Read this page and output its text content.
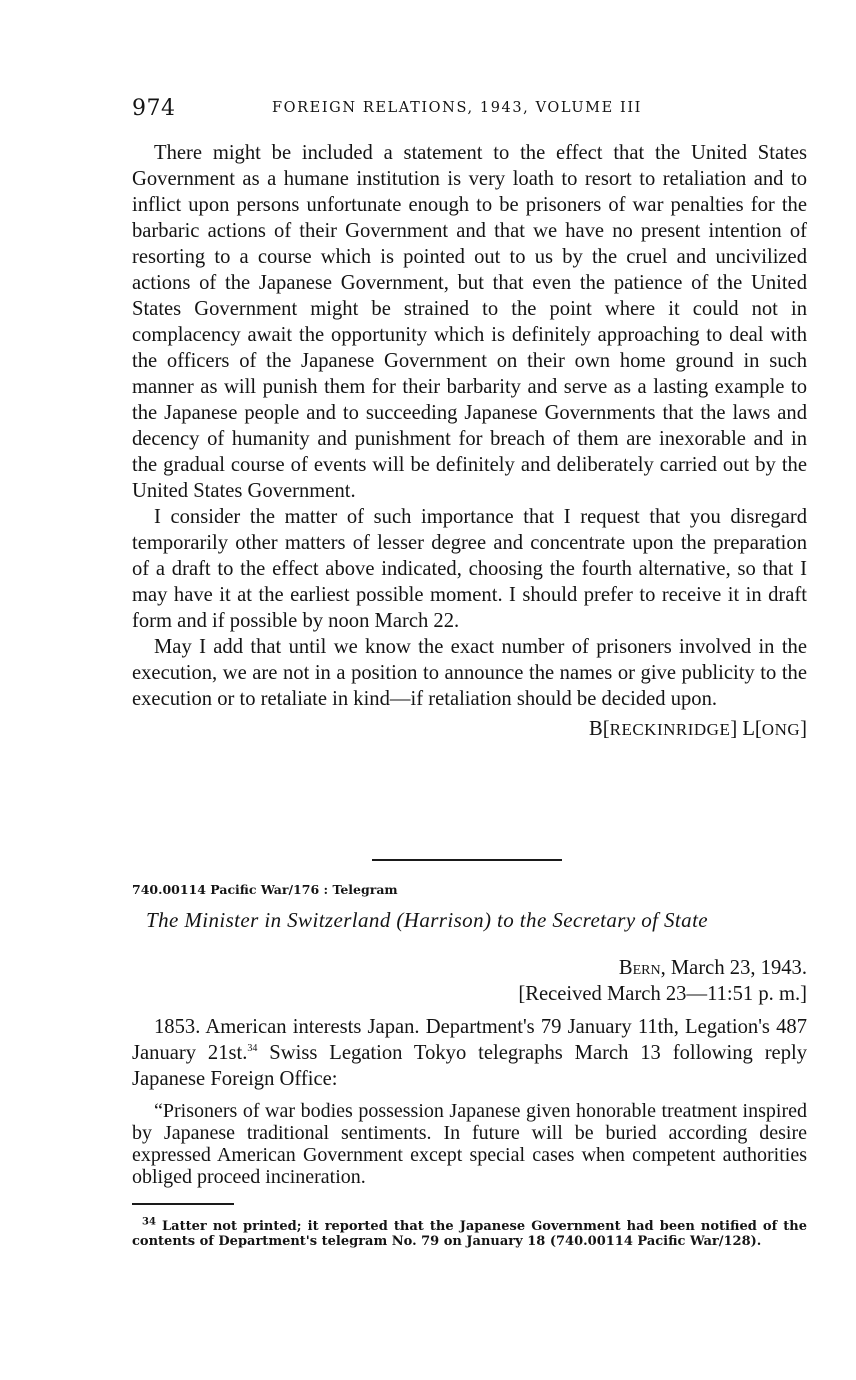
974	FOREIGN RELATIONS, 1943, VOLUME III

There might be included a statement to the effect that the United States Government as a humane institution is very loath to resort to retaliation and to inflict upon persons unfortunate enough to be prisoners of war penalties for the barbaric actions of their Government and that we have no present intention of resorting to a course which is pointed out to us by the cruel and uncivilized actions of the Japanese Government, but that even the patience of the United States Government might be strained to the point where it could not in complacency await the opportunity which is definitely approaching to deal with the officers of the Japanese Government on their own home ground in such manner as will punish them for their barbarity and serve as a lasting example to the Japanese people and to succeeding Japanese Governments that the laws and decency of humanity and punishment for breach of them are inexorable and in the gradual course of events will be definitely and deliberately carried out by the United States Government.

I consider the matter of such importance that I request that you disregard temporarily other matters of lesser degree and concentrate upon the preparation of a draft to the effect above indicated, choosing the fourth alternative, so that I may have it at the earliest possible moment. I should prefer to receive it in draft form and if possible by noon March 22.

May I add that until we know the exact number of prisoners involved in the execution, we are not in a position to announce the names or give publicity to the execution or to retaliate in kind—if retaliation should be decided upon.

B[RECKINRIDGE] L[ONG]
740.00114 Pacific War/176 : Telegram
The Minister in Switzerland (Harrison) to the Secretary of State
Bern, March 23, 1943.
[Received March 23—11:51 p. m.]

1853. American interests Japan. Department's 79 January 11th, Legation's 487 January 21st.$^{34}$ Swiss Legation Tokyo telegraphs March 13 following reply Japanese Foreign Office:

“Prisoners of war bodies possession Japanese given honorable treatment inspired by Japanese traditional sentiments. In future will be buried according desire expressed American Government except special cases when competent authorities obliged proceed incineration.

$^{34}$ Latter not printed; it reported that the Japanese Government had been notified of the contents of Department's telegram No. 79 on January 18 (740.00114 Pacific War/128).
